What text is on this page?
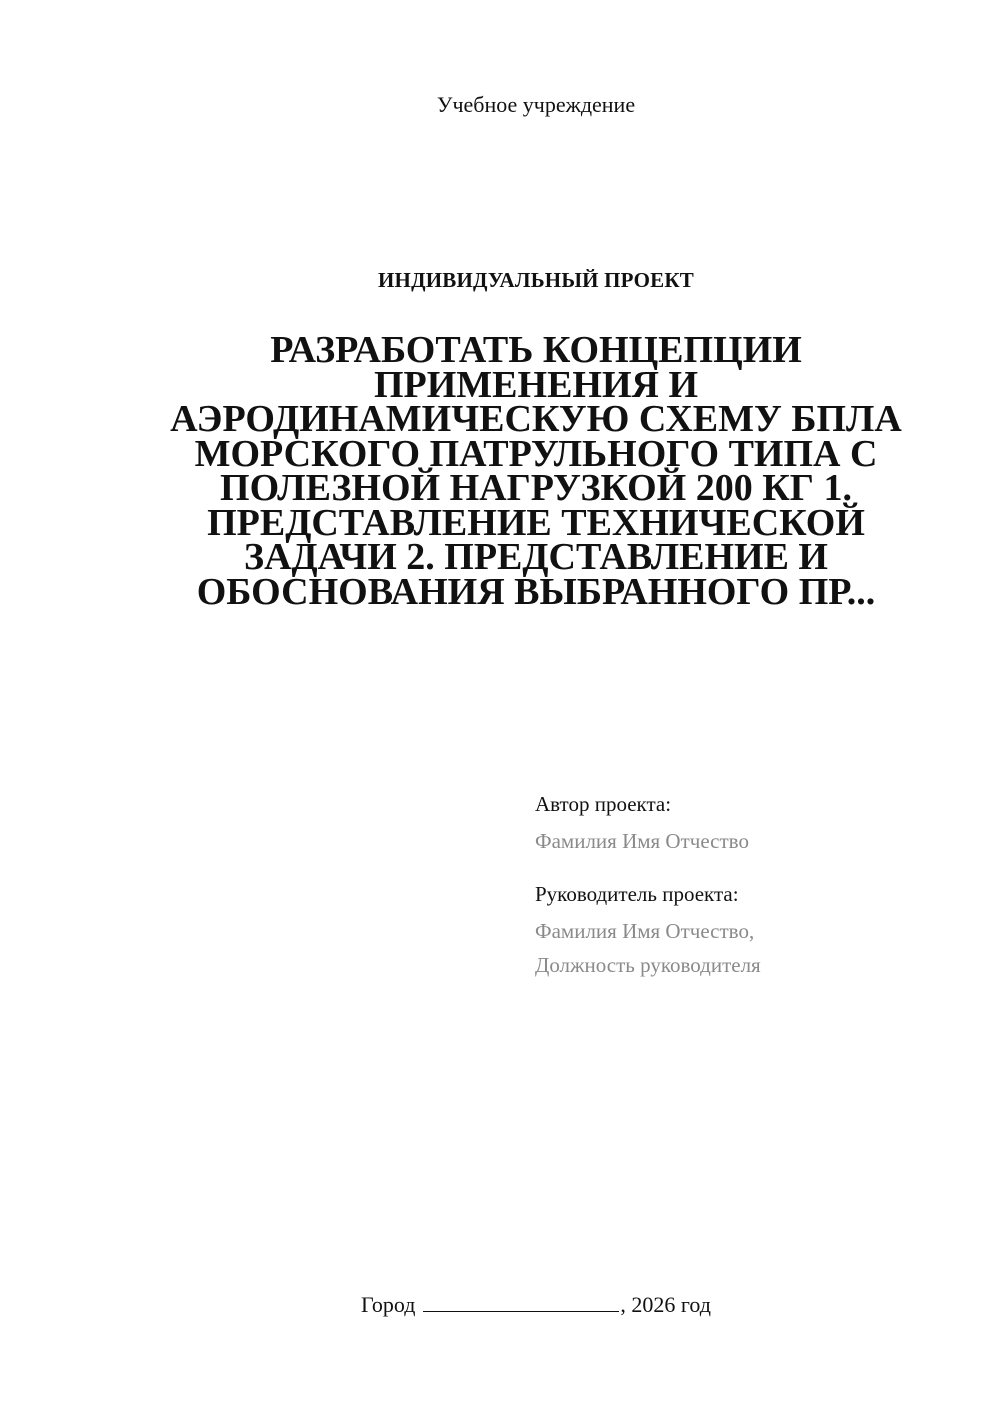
Учебное учреждение
ИНДИВИДУАЛЬНЫЙ ПРОЕКТ
РАЗРАБОТАТЬ КОНЦЕПЦИИ ПРИМЕНЕНИЯ И АЭРОДИНАМИЧЕСКУЮ СХЕМУ БПЛА МОРСКОГО ПАТРУЛЬНОГО ТИПА С ПОЛЕЗНОЙ НАГРУЗКОЙ 200 КГ 1. ПРЕДСТАВЛЕНИЕ ТЕХНИЧЕСКОЙ ЗАДАЧИ 2. ПРЕДСТАВЛЕНИЕ И ОБОСНОВАНИЯ ВЫБРАННОГО ПР...
Автор проекта:
Фамилия Имя Отчество
Руководитель проекта:
Фамилия Имя Отчество,
Должность руководителя
Город	, 2026 год
